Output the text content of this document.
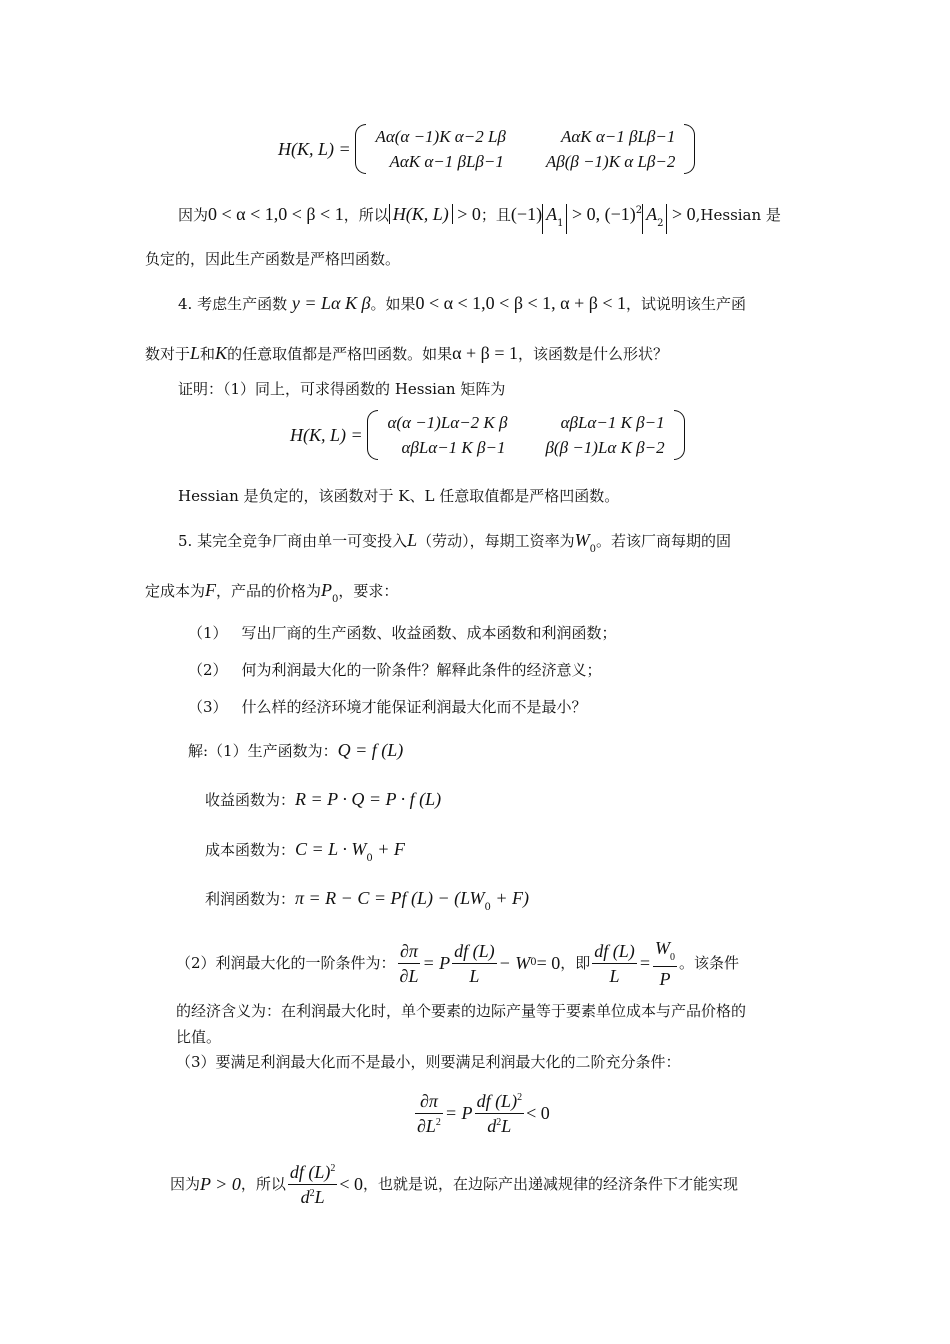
H(K, L) =
Aα(α −1)K α−2 Lβ	AαK α−1 βLβ−1
AαK α−1 βLβ−1	Aβ(β −1)K α Lβ−2
因为0 < α < 1,0 < β < 1，所以 H(K, L) > 0；且(−1) $A_1 > 0$, $(-1)^2$ $A_2$ > 0,Hessian 是
负定的，因此生产函数是严格凹函数。
4. 考虑生产函数 y = Lα K β。如果0 < α < 1,0 < β < 1, α + β < 1，试说明该生产函
数对于L和K的任意取值都是严格凹函数。如果α + β = 1，该函数是什么形状？
证明：（1）同上，可求得函数的 Hessian 矩阵为
H(K, L) =
α(α −1)Lα−2 K β	αβLα−1 K β−1
αβLα−1 K β−1	β(β −1)Lα K β−2
Hessian 是负定的，该函数对于 K、L 任意取值都是严格凹函数。
5. 某完全竞争厂商由单一可变投入L（劳动），每期工资率为$W_0$。若该厂商每期的固
定成本为F，产品的价格为$P_0$，要求：
（1） 写出厂商的生产函数、收益函数、成本函数和利润函数；
（2） 何为利润最大化的一阶条件？解释此条件的经济意义；
（3） 什么样的经济环境才能保证利润最大化而不是最小？
解:（1）生产函数为：Q = f (L)
收益函数为：R = P · Q = P · f (L)
成本函数为：$C = L \cdot W_0 + F$
利润函数为：π = R − C = Pf $(L) - (LW_0 + F)$
（2）利润最大化的一阶条件为： $\frac{\partial\pi}{\partial L} = P \frac{df (L)}{L} - W$ 0 = 0 ，即 $\frac{df (L)}{L} = \frac{W_0}{P}$ 。该条件
的经济含义为：在利润最大化时，单个要素的边际产量等于要素单位成本与产品价格的
比值。
（3）要满足利润最大化而不是最小，则要满足利润最大化的二阶充分条件：
$\frac{\partial\pi}{\partial L^2} = P \frac{df (L)^2}{d^2L} < 0$
因为 P > 0 ，所以 $\frac{df (L)^2}{d^2L} < 0$ ，也就是说，在边际产出递减规律的经济条件下才能实现
